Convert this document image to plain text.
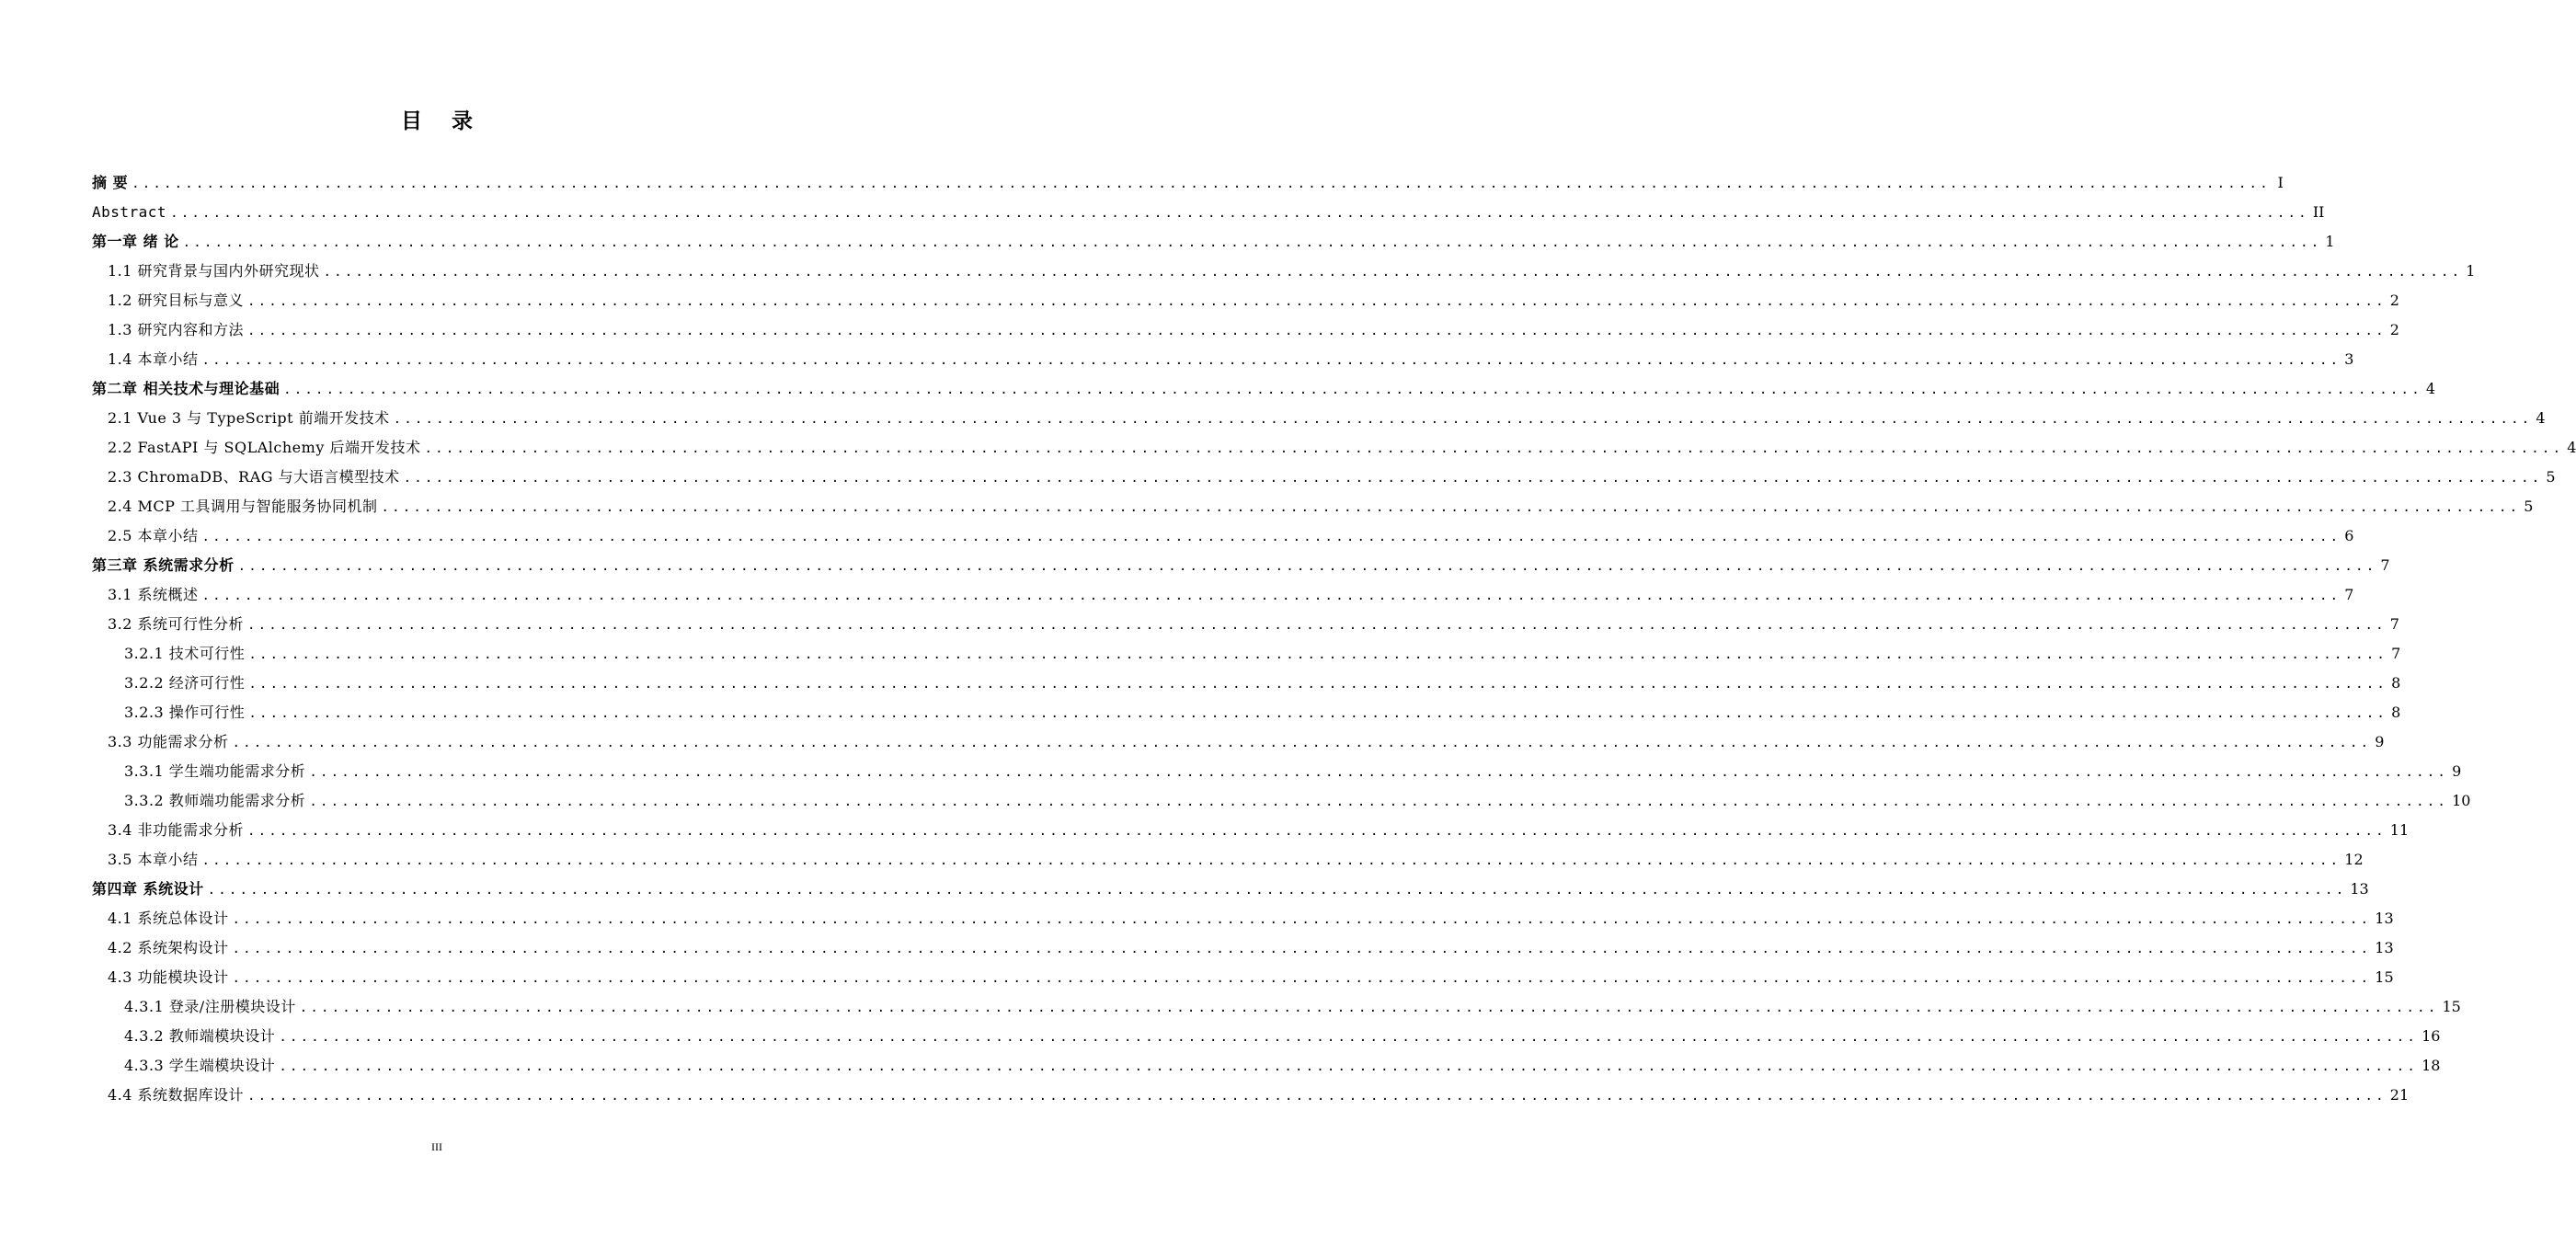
目 录
摘 要 ........................................................................................................................................................................................................ I
Abstract ........................................................................................................................................................................................................ II
第一章 绪 论 ........................................................................................................................................................................................................ 1
1.1 研究背景与国内外研究现状 ........................................................................................................................................................................................................ 1
1.2 研究目标与意义 ........................................................................................................................................................................................................ 2
1.3 研究内容和方法 ........................................................................................................................................................................................................ 2
1.4 本章小结 ........................................................................................................................................................................................................ 3
第二章 相关技术与理论基础 ........................................................................................................................................................................................................ 4
2.1 Vue 3 与 TypeScript 前端开发技术 ........................................................................................................................................................................................................ 4
2.2 FastAPI 与 SQLAlchemy 后端开发技术 ........................................................................................................................................................................................................ 4
2.3 ChromaDB、RAG 与大语言模型技术 ........................................................................................................................................................................................................ 5
2.4 MCP 工具调用与智能服务协同机制 ........................................................................................................................................................................................................ 5
2.5 本章小结 ........................................................................................................................................................................................................ 6
第三章 系统需求分析 ........................................................................................................................................................................................................ 7
3.1 系统概述 ........................................................................................................................................................................................................ 7
3.2 系统可行性分析 ........................................................................................................................................................................................................ 7
3.2.1 技术可行性 ........................................................................................................................................................................................................ 7
3.2.2 经济可行性 ........................................................................................................................................................................................................ 8
3.2.3 操作可行性 ........................................................................................................................................................................................................ 8
3.3 功能需求分析 ........................................................................................................................................................................................................ 9
3.3.1 学生端功能需求分析 ........................................................................................................................................................................................................ 9
3.3.2 教师端功能需求分析 ........................................................................................................................................................................................................ 10
3.4 非功能需求分析 ........................................................................................................................................................................................................ 11
3.5 本章小结 ........................................................................................................................................................................................................ 12
第四章 系统设计 ........................................................................................................................................................................................................ 13
4.1 系统总体设计 ........................................................................................................................................................................................................ 13
4.2 系统架构设计 ........................................................................................................................................................................................................ 13
4.3 功能模块设计 ........................................................................................................................................................................................................ 15
4.3.1 登录/注册模块设计 ........................................................................................................................................................................................................ 15
4.3.2 教师端模块设计 ........................................................................................................................................................................................................ 16
4.3.3 学生端模块设计 ........................................................................................................................................................................................................ 18
4.4 系统数据库设计 ........................................................................................................................................................................................................ 21
III
